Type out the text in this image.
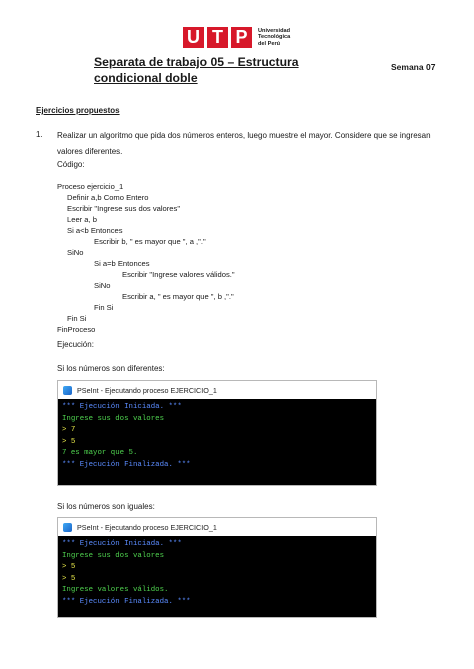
U T P	Universidad
Tecnológica
del Perú
Separata de trabajo 05 – Estructura condicional doble
Semana 07
Ejercicios propuestos
1. Realizar un algoritmo que pida dos números enteros, luego muestre el mayor. Considere que se ingresan valores diferentes.
Código:
Proceso ejercicio_1
Definir a,b Como Entero
Escribir "Ingrese sus dos valores"
Leer a, b
Si a<b Entonces
Escribir b, " es mayor que ", a ,"."
SiNo
Si a=b Entonces
Escribir "Ingrese valores válidos."
SiNo
Escribir a, " es mayor que ", b ,"."
Fin Si
Fin Si
FinProceso
Ejecución:
Si los números son diferentes:
PSeInt - Ejecutando proceso EJERCICIO_1
*** Ejecución Iniciada. ***
Ingrese sus dos valores
> 7
> 5
7 es mayor que 5.
*** Ejecución Finalizada. ***
Si los números son iguales:
PSeInt - Ejecutando proceso EJERCICIO_1
*** Ejecución Iniciada. ***
Ingrese sus dos valores
> 5
> 5
Ingrese valores válidos.
*** Ejecución Finalizada. ***
